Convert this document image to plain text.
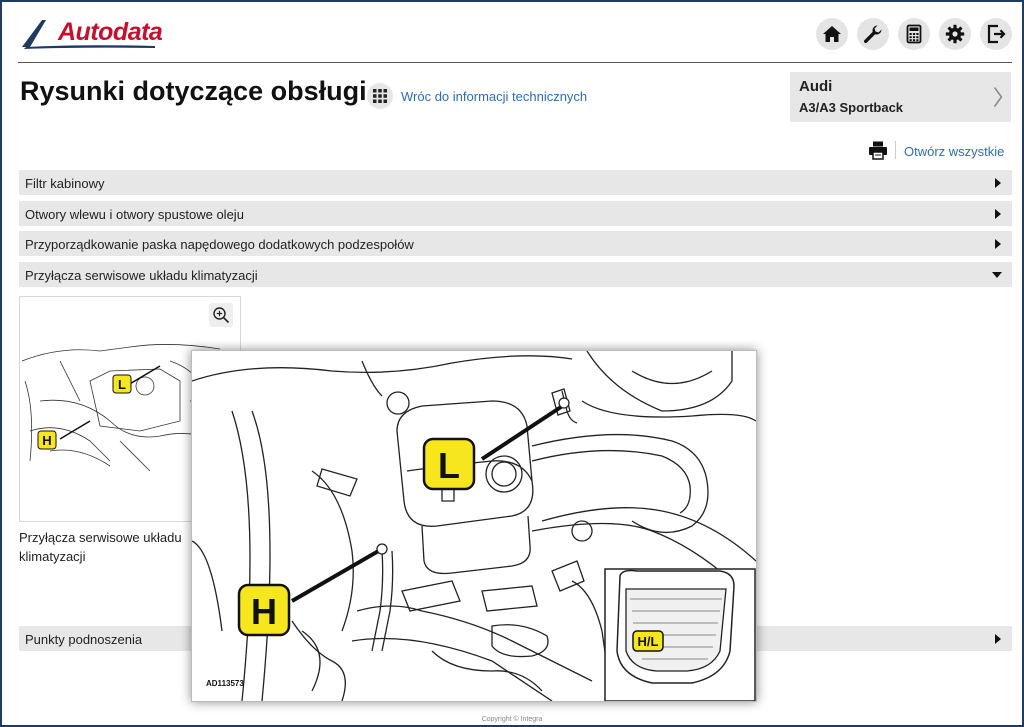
Autodata
Rysunki dotyczące obsługi	Wróc do informacji technicznych
Audi
A3/A3 Sportback
Otwórz wszystkie
Filtr kabinowy
Otwory wlewu i otwory spustowe oleju
Przyporządkowanie paska napędowego dodatkowych podzespołów
Przyłącza serwisowe układu klimatyzacji
Punkty podnoszenia
L
H
Przyłącza serwisowe układu klimatyzacji
L
H
H/L
AD113573
Copyright © Integra
